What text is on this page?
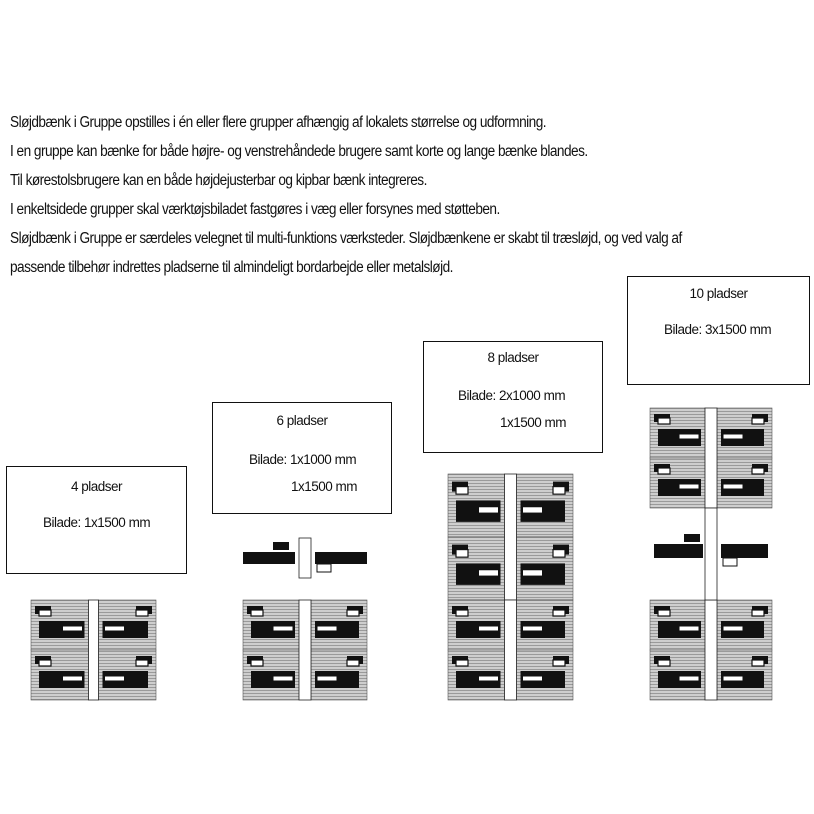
Sløjdbænk i Gruppe opstilles i én eller flere grupper afhængig af lokalets størrelse og udformning.

I en gruppe kan bænke for både højre- og venstrehåndede brugere samt korte og lange bænke blandes.

Til kørestolsbrugere kan en både højdejusterbar og kipbar bænk integreres.

I enkeltsidede grupper skal værktøjsbiladet fastgøres i væg eller forsynes med støtteben.

Sløjdbænk i Gruppe er særdeles velegnet til multi-funktions værksteder. Sløjdbænkene er skabt til træsløjd, og ved valg af

passende tilbehør indrettes pladserne til almindeligt bordarbejde eller metalsløjd.

4 pladser
Bilade: 1x1500 mm
6 pladser
Bilade: 1x1000 mm
1x1500 mm
8 pladser
Bilade: 2x1000 mm
1x1500 mm
10 pladser
Bilade: 3x1500 mm
